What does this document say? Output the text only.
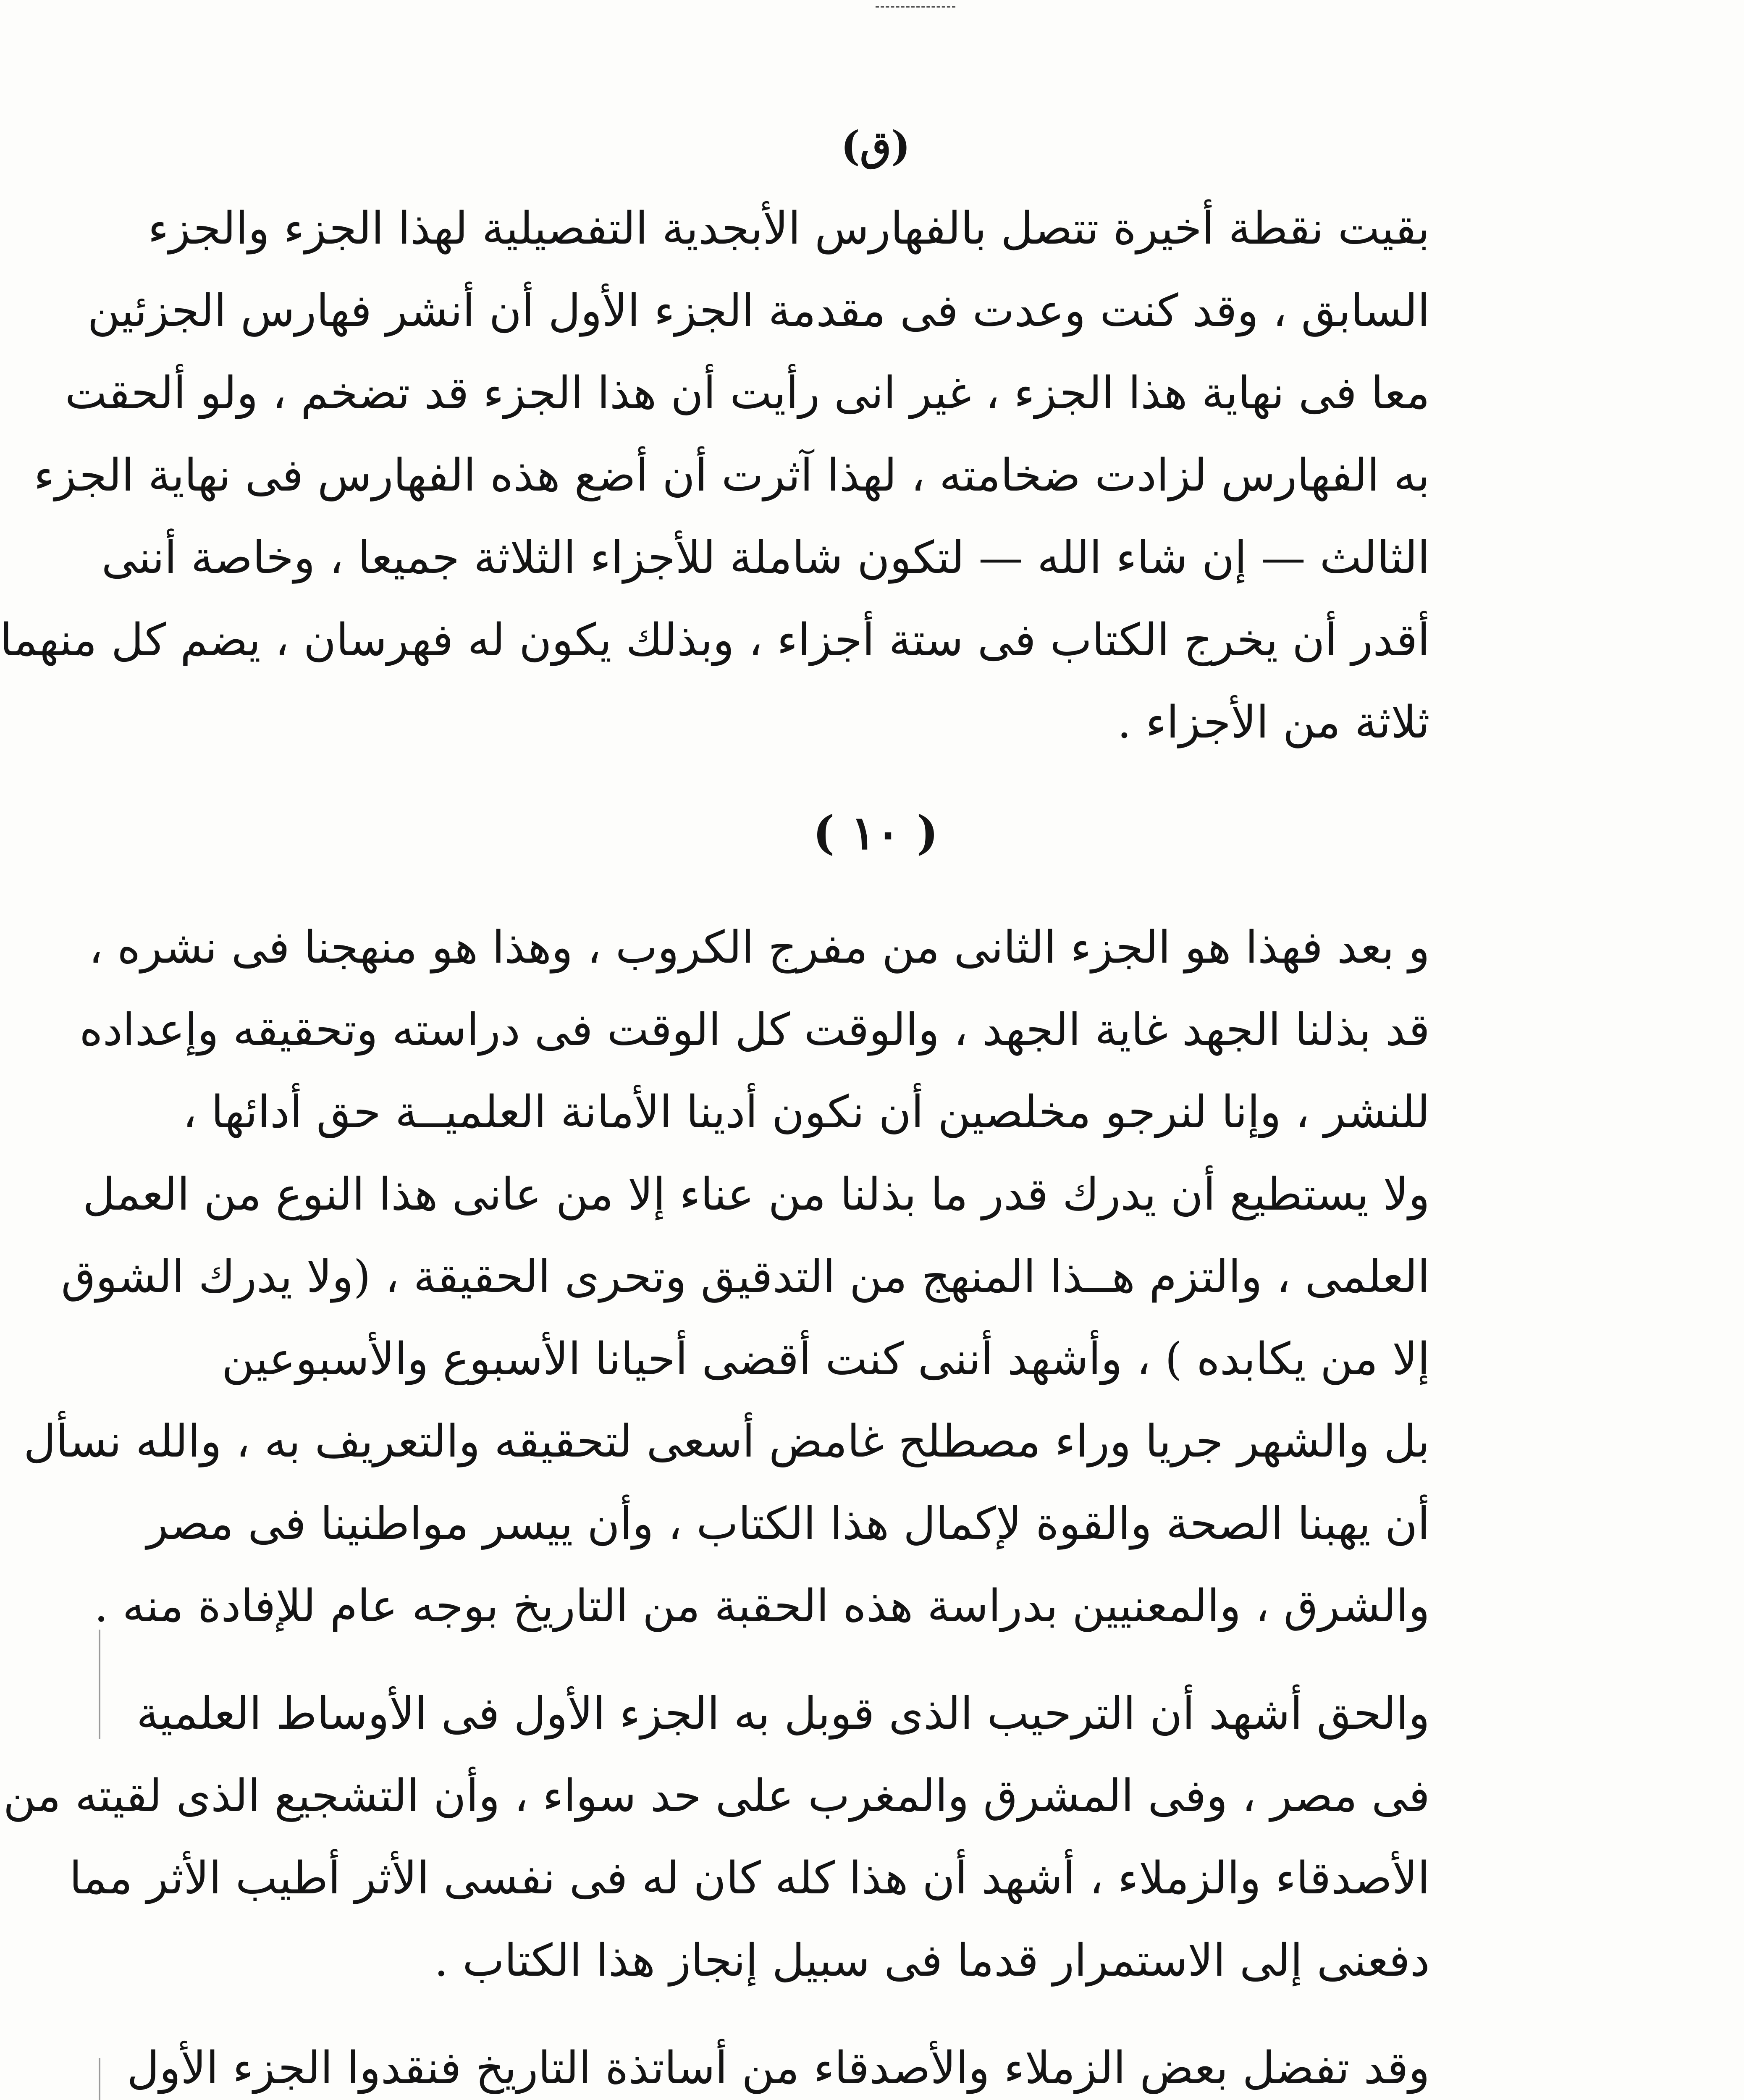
(ق)

بقيت نقطة أخيرة تتصل بالفهارس الأبجدية التفصيلية لهذا الجزء والجزء
السابق ، وقد كنت وعدت فى مقدمة الجزء الأول أن أنشر فهارس الجزئين
معا فى نهاية هذا الجزء ، غير انى رأيت أن هذا الجزء قد تضخم ، ولو ألحقت
به الفهارس لزادت ضخامته ، لهذا آثرت أن أضع هذه الفهارس فى نهاية الجزء
الثالث — إن شاء الله — لتكون شاملة للأجزاء الثلاثة جميعا ، وخاصة أننى
أقدر أن يخرج الكتاب فى ستة أجزاء ، وبذلك يكون له فهرسان ، يضم كل منهما
ثلاثة من الأجزاء .

( ١٠ )

و بعد فهذا هو الجزء الثانى من مفرج الكروب ، وهذا هو منهجنا فى نشره ،
قد بذلنا الجهد غاية الجهد ، والوقت كل الوقت فى دراسته وتحقيقه وإعداده
للنشر ، وإنا لنرجو مخلصين أن نكون أدينا الأمانة العلميــة حق أدائها ،
ولا يستطيع أن يدرك قدر ما بذلنا من عناء إلا من عانى هذا النوع من العمل
العلمى ، والتزم هــذا المنهج من التدقيق وتحرى الحقيقة ، (ولا يدرك الشوق
إلا من يكابده ) ، وأشهد أننى كنت أقضى أحيانا الأسبوع والأسبوعين
بل والشهر جريا وراء مصطلح غامض أسعى لتحقيقه والتعريف به ، والله نسأل
أن يهبنا الصحة والقوة لإكمال هذا الكتاب ، وأن ييسر مواطنينا فى مصر
والشرق ، والمعنيين بدراسة هذه الحقبة من التاريخ بوجه عام للإفادة منه .

والحق أشهد أن الترحيب الذى قوبل به الجزء الأول فى الأوساط العلمية
فى مصر ، وفى المشرق والمغرب على حد سواء ، وأن التشجيع الذى لقيته من
الأصدقاء والزملاء ، أشهد أن هذا كله كان له فى نفسى الأثر أطيب الأثر مما
دفعنى إلى الاستمرار قدما فى سبيل إنجاز هذا الكتاب .

وقد تفضل بعض الزملاء والأصدقاء من أساتذة التاريخ فنقدوا الجزء الأول
